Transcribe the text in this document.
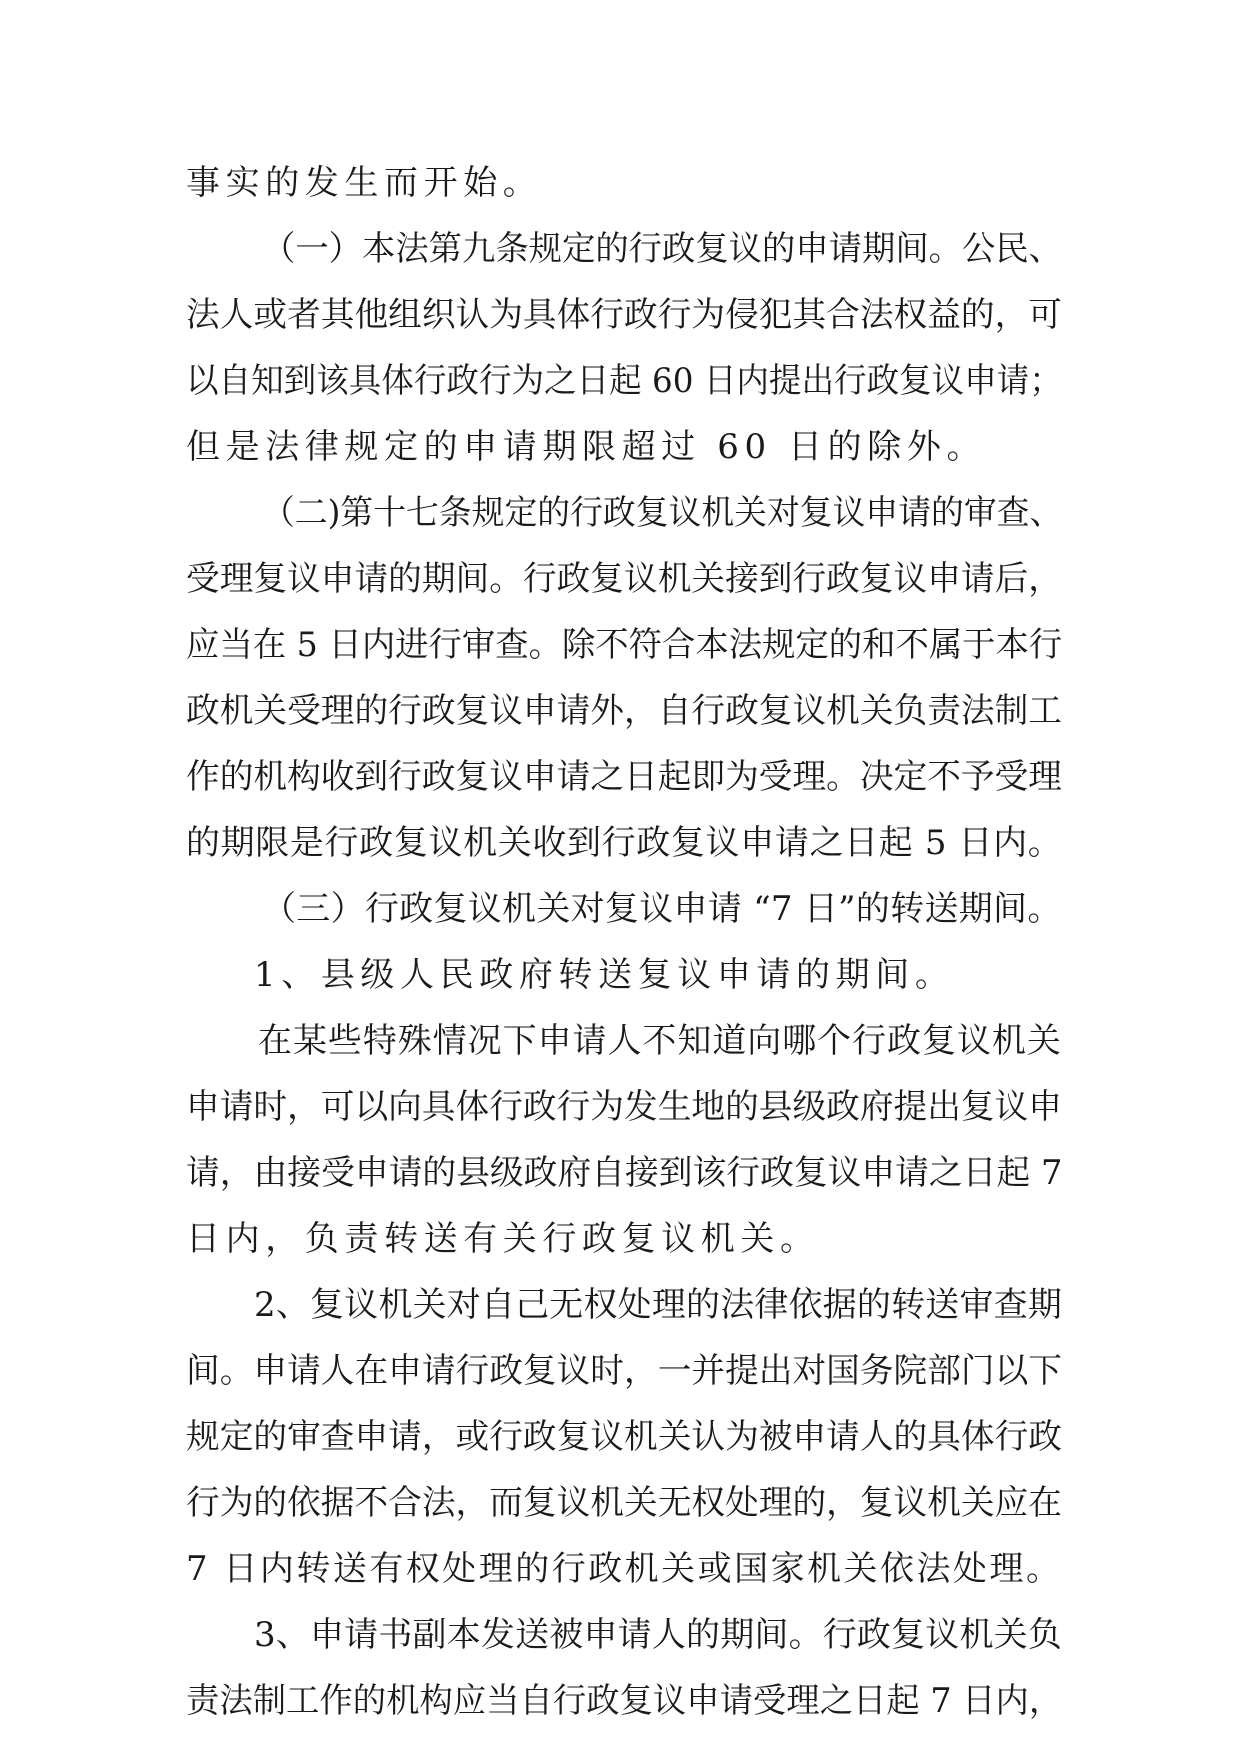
事实的发生而开始。
（一）本法第九条规定的行政复议的申请期间。公民、
法人或者其他组织认为具体行政行为侵犯其合法权益的，可
以自知到该具体行政行为之日起 60 日内提出行政复议申请；
但是法律规定的申请期限超过 60 日的除外。
（二)第十七条规定的行政复议机关对复议申请的审查、
受理复议申请的期间。行政复议机关接到行政复议申请后，
应当在 5 日内进行审查。除不符合本法规定的和不属于本行
政机关受理的行政复议申请外，自行政复议机关负责法制工
作的机构收到行政复议申请之日起即为受理。决定不予受理
的期限是行政复议机关收到行政复议申请之日起 5 日内。
（三）行政复议机关对复议申请 “7 日”的转送期间。
1、县级人民政府转送复议申请的期间。
在某些特殊情况下申请人不知道向哪个行政复议机关
申请时，可以向具体行政行为发生地的县级政府提出复议申
请，由接受申请的县级政府自接到该行政复议申请之日起 7
日内，负责转送有关行政复议机关。
2、复议机关对自己无权处理的法律依据的转送审查期
间。申请人在申请行政复议时，一并提出对国务院部门以下
规定的审查申请，或行政复议机关认为被申请人的具体行政
行为的依据不合法，而复议机关无权处理的，复议机关应在
7 日内转送有权处理的行政机关或国家机关依法处理。
3、申请书副本发送被申请人的期间。行政复议机关负
责法制工作的机构应当自行政复议申请受理之日起 7 日内，
